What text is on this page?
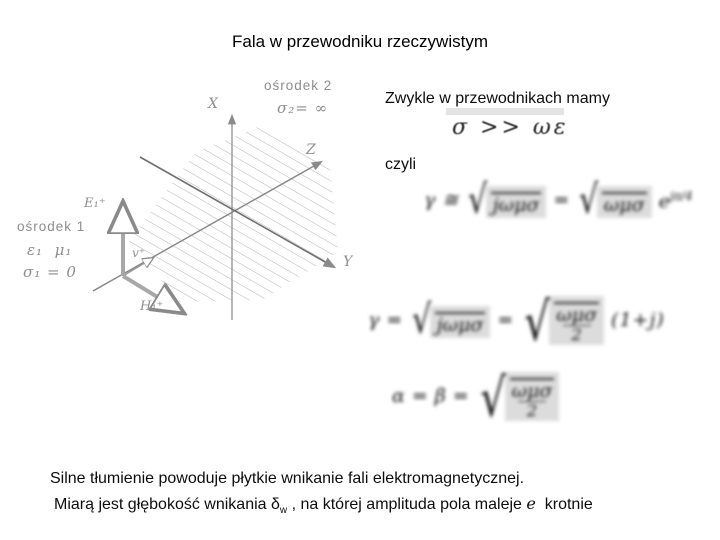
Fala w przewodniku rzeczywistym
ośrodek 2
σ₂= ∞
ośrodek 1
ε₁  μ₁
σ₁ = 0
X
Z
Y
E₁⁺
v⁺
H₁⁺
Zwykle w przewodnikach mamy
σ >> ωε
czyli
γ ≅ √ jωμσ = √ ωμσ $e^{j\pi/4}$
γ = √ jωμσ = √ $\frac{\text{ωμσ}}{2} (1+j)$
α = β = √ $\frac{\text{ωμσ}}{2}$
Silne tłumienie powoduje płytkie wnikanie fali elektromagnetycznej.
Miarą jest głębokość wnikania $\delta_w$ , na której amplituda pola maleje e  krotnie
